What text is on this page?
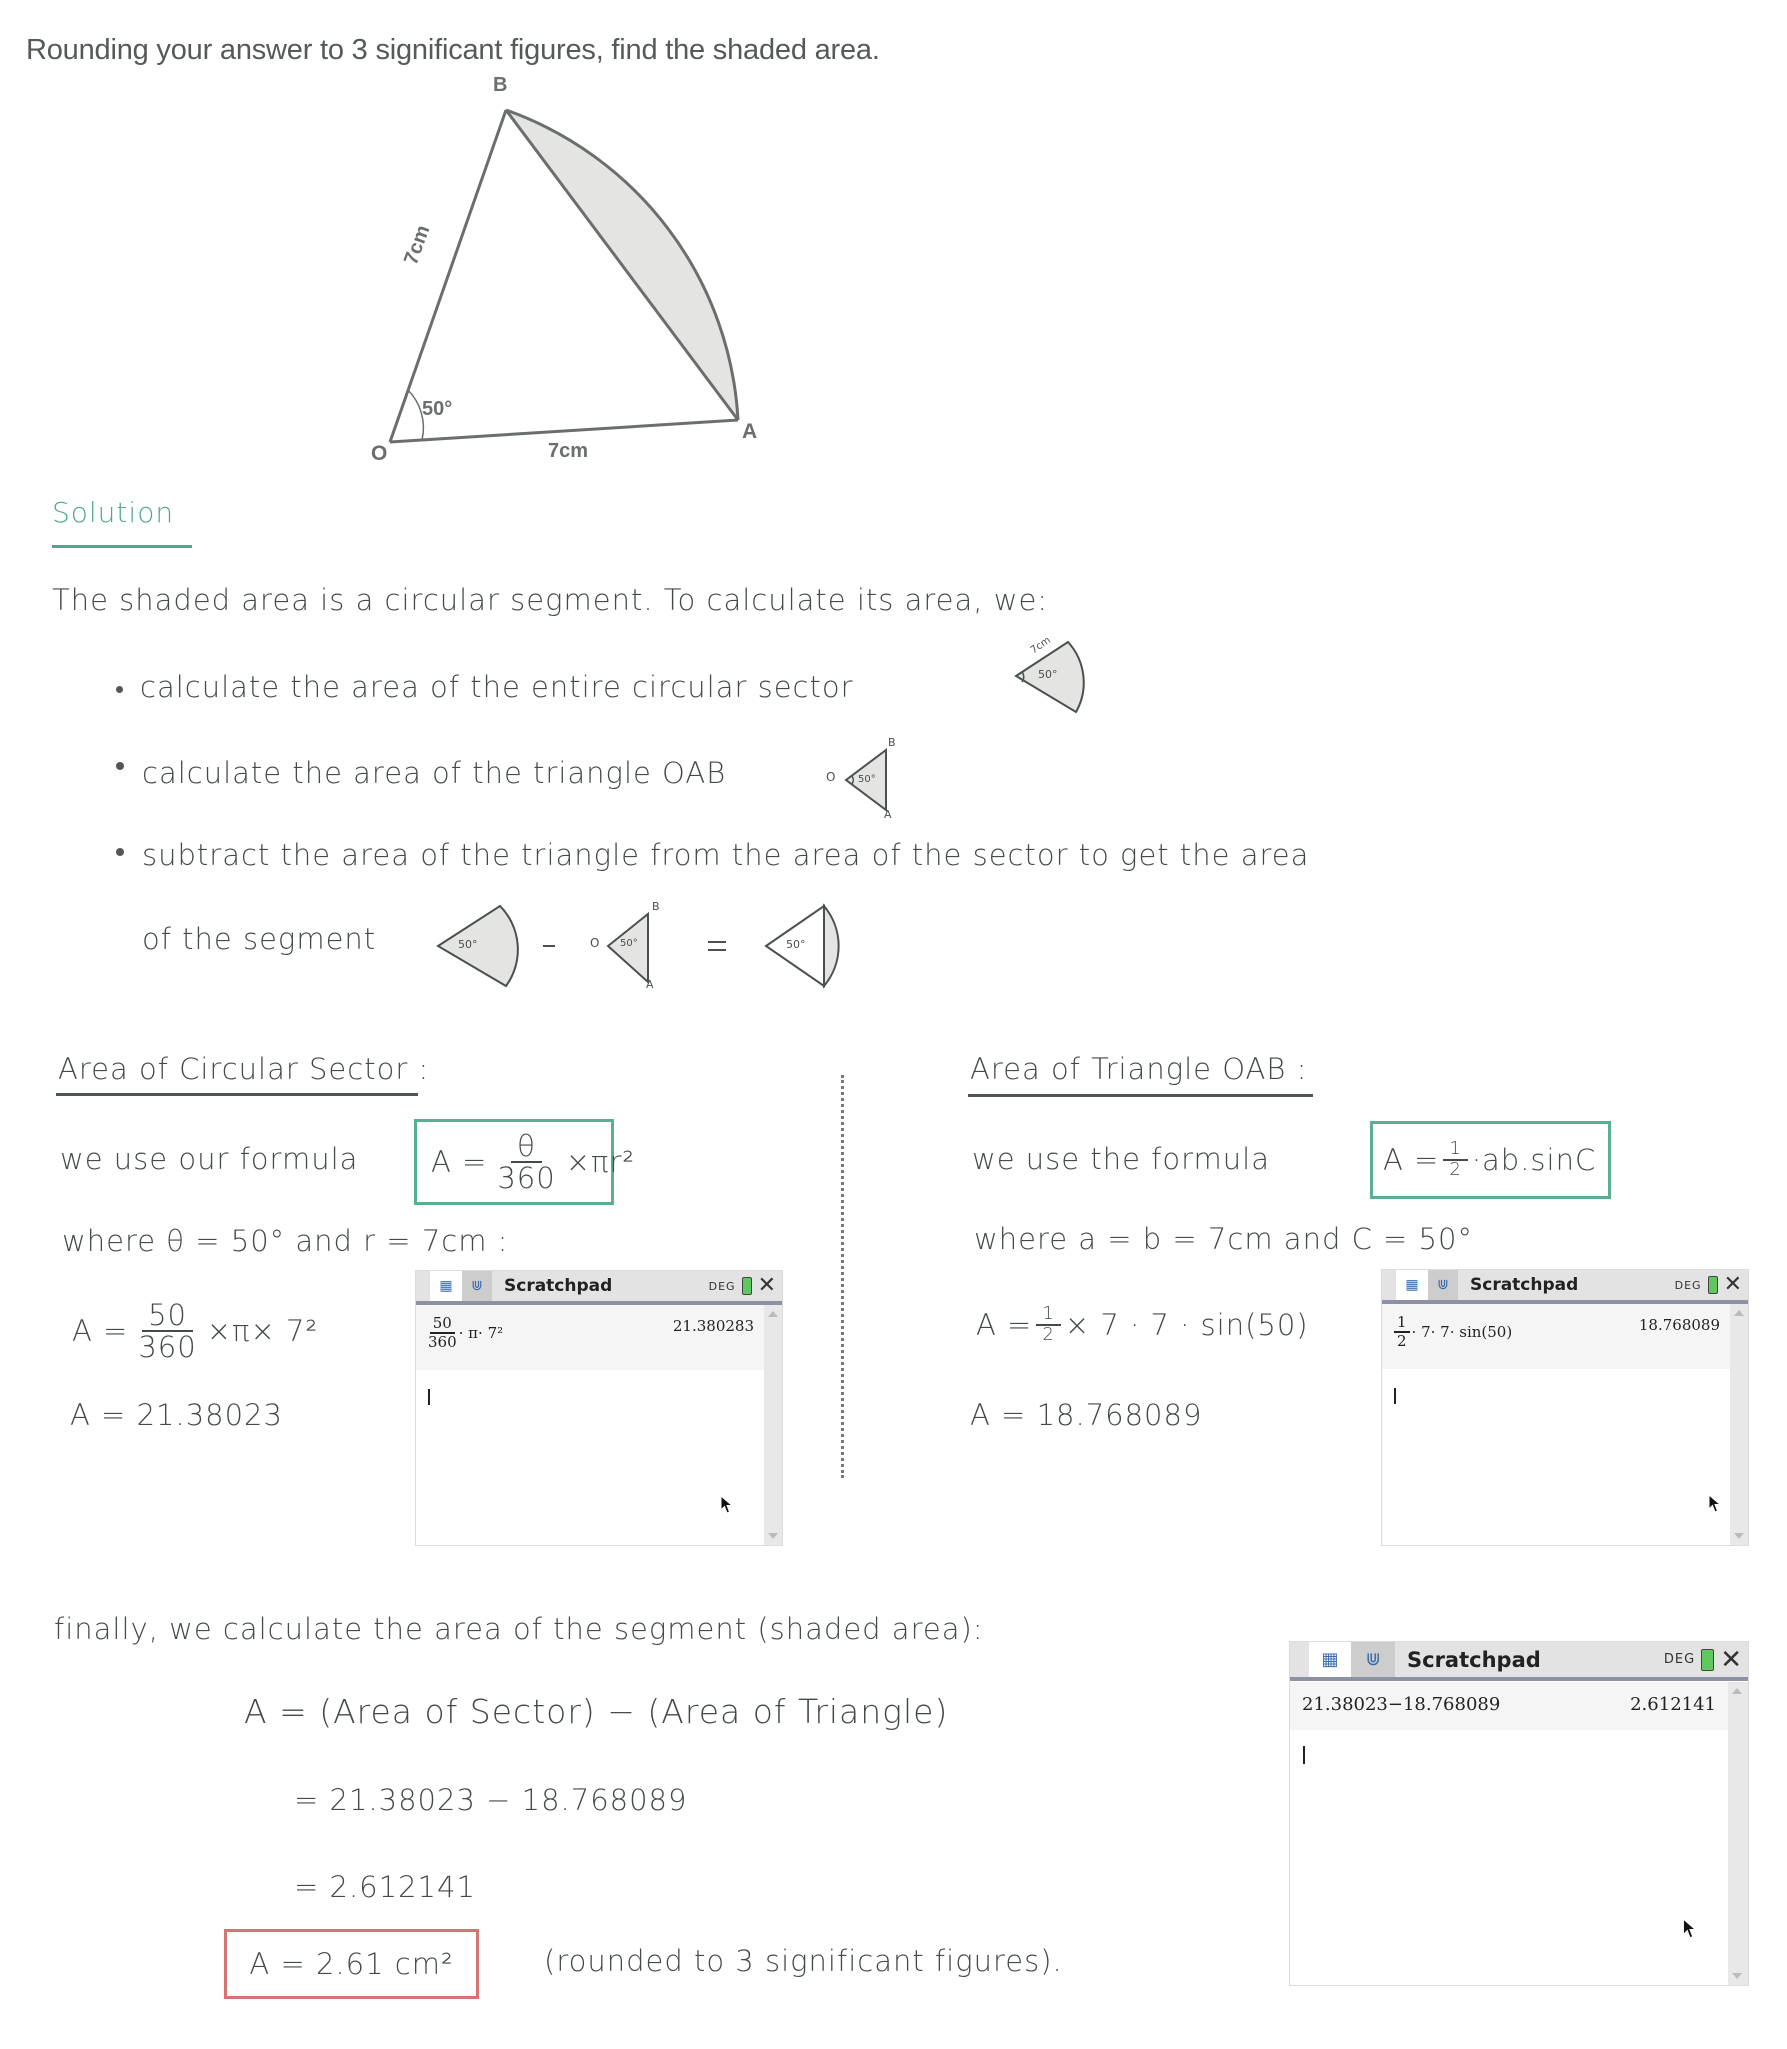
Rounding your answer to 3 significant figures, find the shaded area.
B
O
A
7cm
7cm
50°
Solution
The shaded area is a circular segment. To calculate its area, we:
calculate the area of the entire circular sector	50°
7cm
calculate the area of the triangle OAB	O
B
A
50°
subtract the area of the triangle from the area of the sector to get the area
of the segment	50°	O 50°
B
A
50°
Area of Circular Sector :
we use our formula	$A = \frac{\theta}{360} \times\pi r^2$
where θ = 50° and r = 7cm :
$A = \frac{50}{360} \times\pi\times 7^2$
A = 21.38023
▦ ⋓ Scratchpad	DEG ✕
$\frac{50}{360} \cdot \pi\cdot 7^2$	21.380283
Area of Triangle OAB :
we use the formula	$A = \frac{1}{2} \cdot ab.\sin C$
where a = b = 7cm and C = 50°
$A = \frac{1}{2} \times 7 \cdot 7 \cdot \sin(50)$
A = 18.768089
▦ ⋓ Scratchpad	DEG ✕
$\frac{1}{2} \cdot 7\cdot 7\cdot \sin(50)$	18.768089
finally, we calculate the area of the segment (shaded area):
A = (Area of Sector) − (Area of Triangle)
= 21.38023 − 18.768089
= 2.612141
A = 2.61 cm²	(rounded to 3 significant figures).
▦ ⋓ Scratchpad	DEG ✕
21.38023−18.768089	2.612141
